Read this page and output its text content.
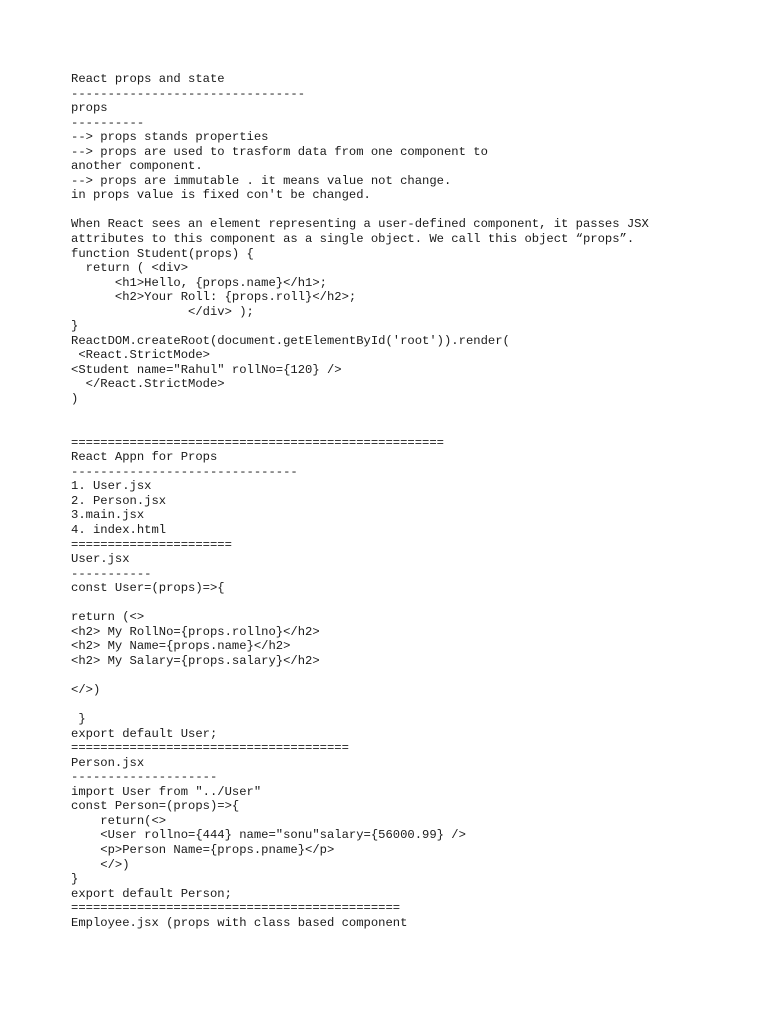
React props and state
--------------------------------
props
----------
--> props stands properties
--> props are used to trasform data from one component to
another component.
--> props are immutable . it means value not change.
in props value is fixed con't be changed.
When React sees an element representing a user-defined component, it passes JSX
attributes to this component as a single object. We call this object “props”.
function Student(props) {
return ( <div>
<h1>Hello, {props.name}</h1>;
<h2>Your Roll: {props.roll}</h2>;
</div> );
}
ReactDOM.createRoot(document.getElementById('root')).render(
<React.StrictMode>
<Student name="Rahul" rollNo={120} />
</React.StrictMode>
)
===================================================
React Appn for Props
-------------------------------
1. User.jsx
2. Person.jsx
3.main.jsx
4. index.html
======================
User.jsx
-----------
const User=(props)=>{
return (<>
<h2> My RollNo={props.rollno}</h2>
<h2> My Name={props.name}</h2>
<h2> My Salary={props.salary}</h2>
</>)
}
export default User;
======================================
Person.jsx
--------------------
import User from "../User"
const Person=(props)=>{
return(<>
<User rollno={444} name="sonu"salary={56000.99} />
<p>Person Name={props.pname}</p>
</>)
}
export default Person;
=============================================
Employee.jsx (props with class based component
